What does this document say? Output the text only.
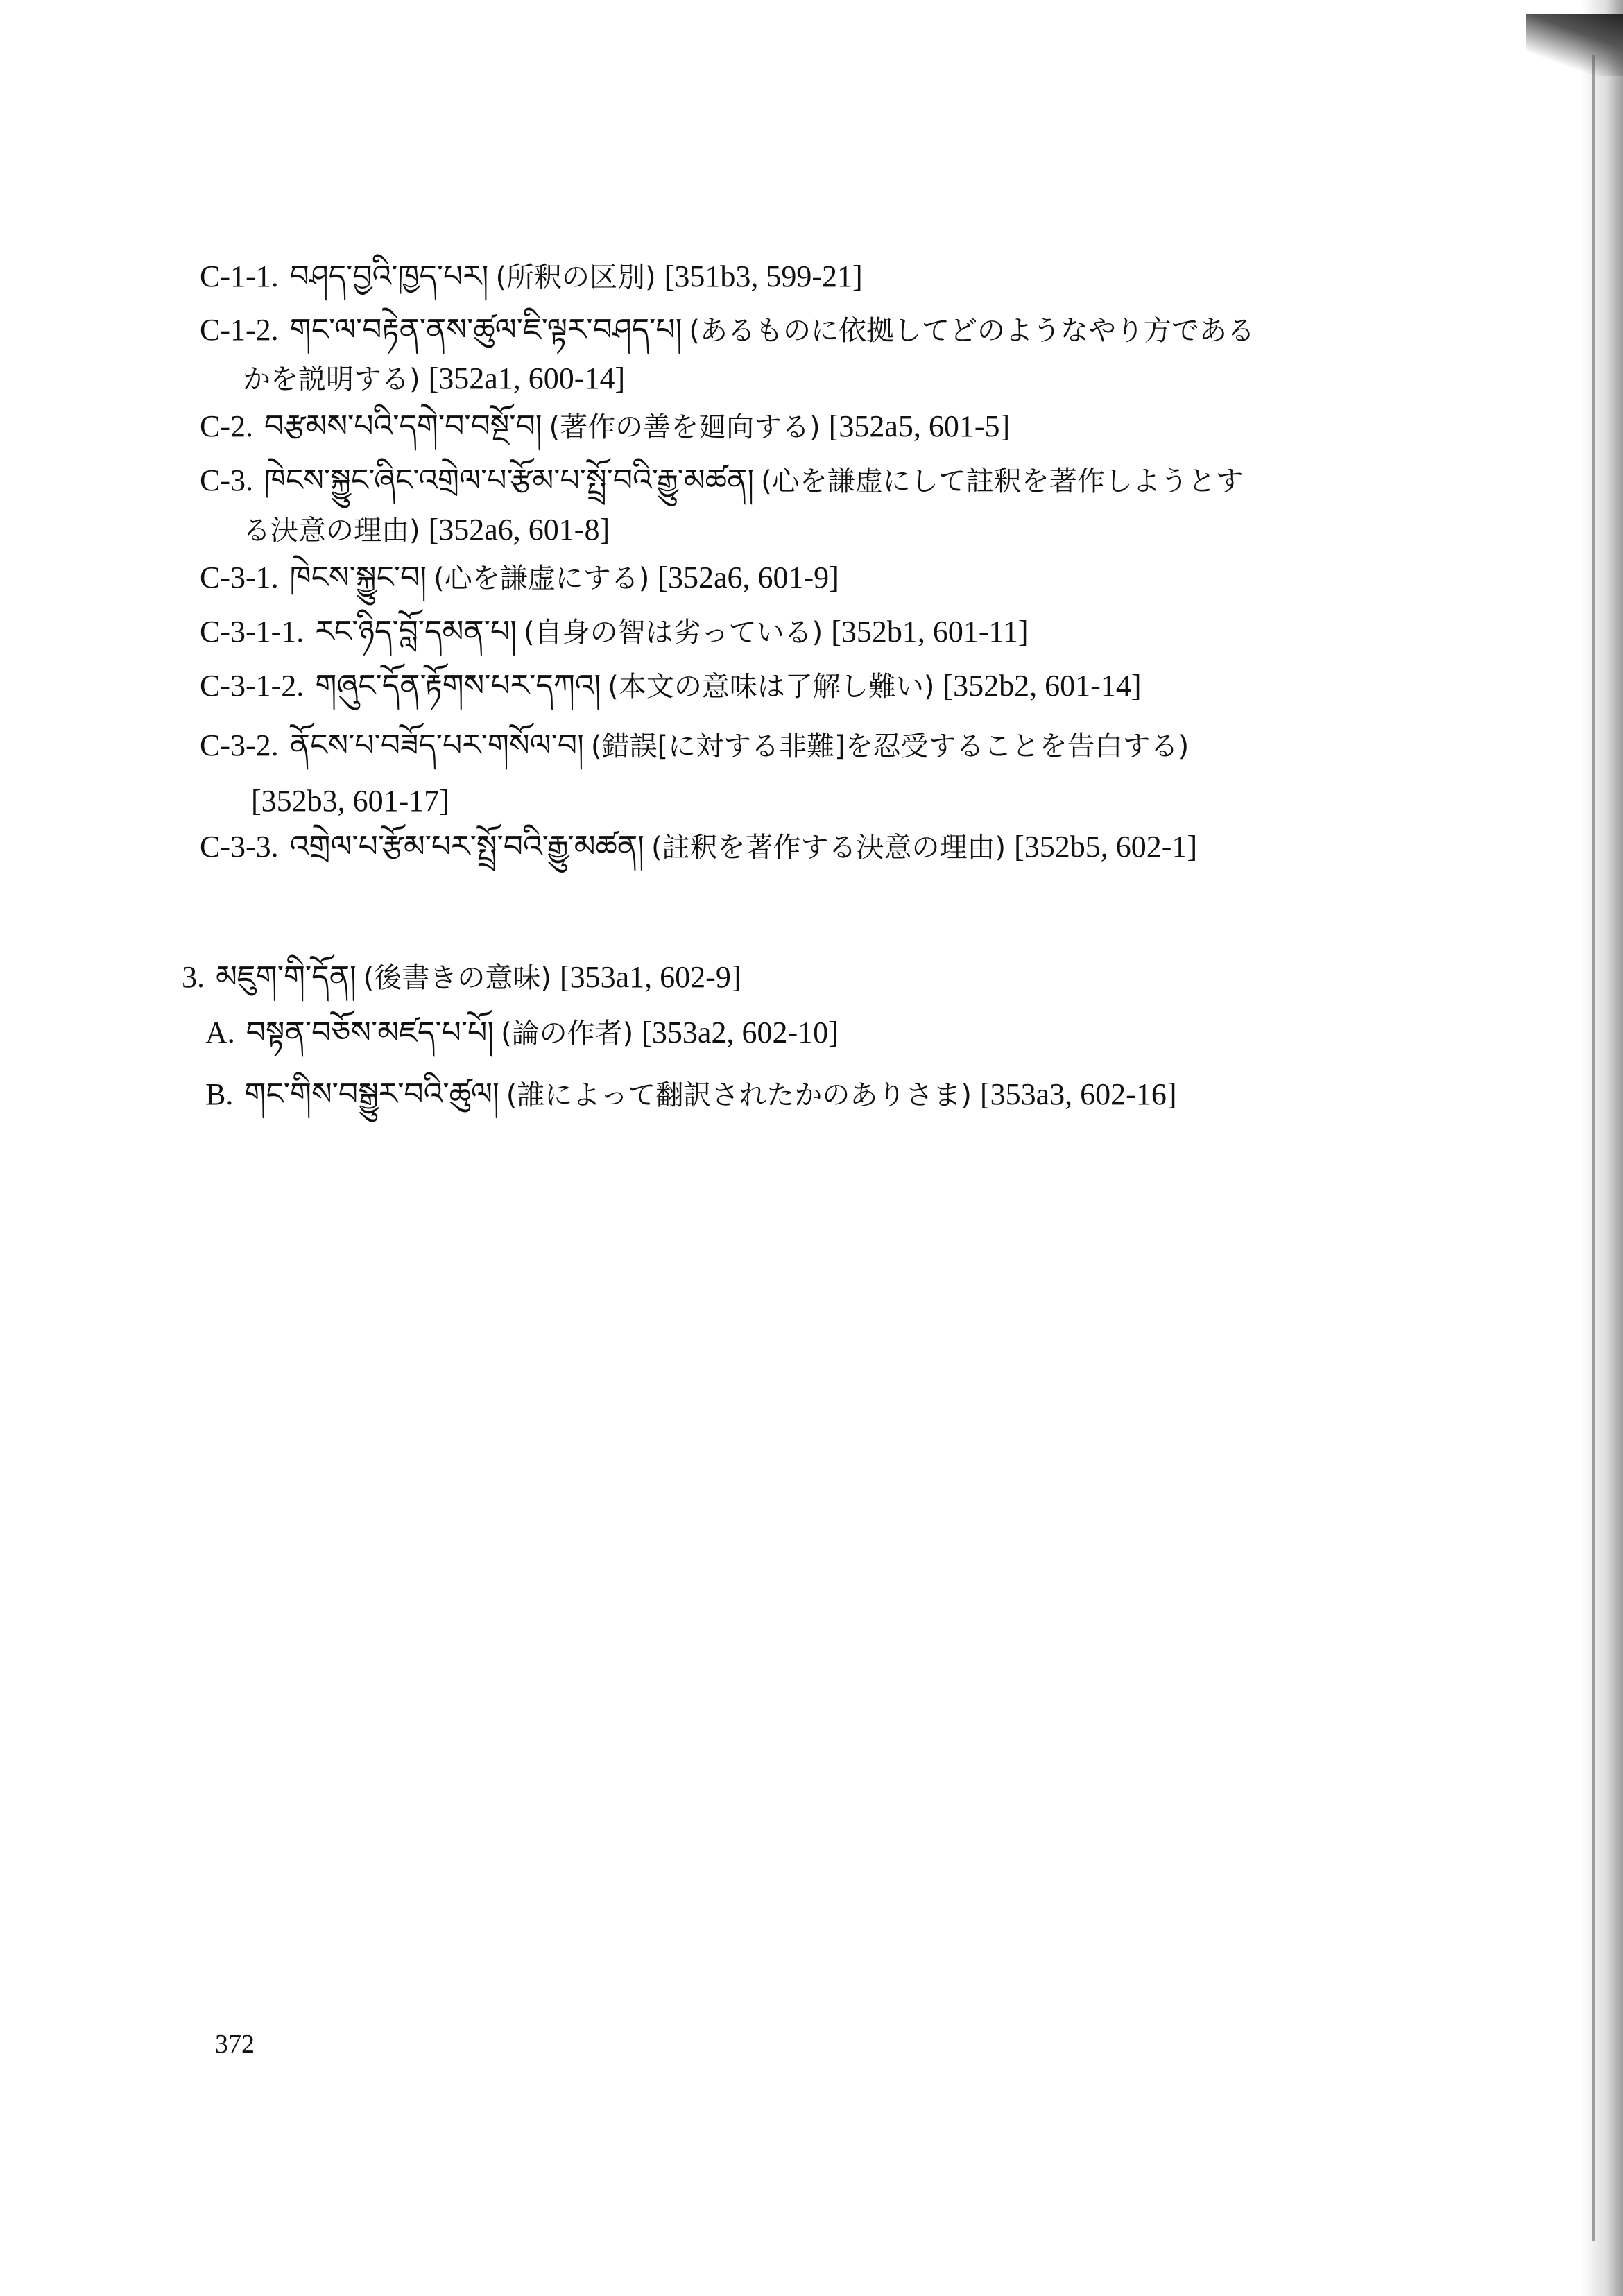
C-1-1. བཤད་བྱའི་ཁྱད་པར། (所釈の区別) [351b3, 599-21]
C-1-2. གང་ལ་བརྟེན་ནས་ཚུལ་ཇི་ལྟར་བཤད་པ། (あるものに依拠してどのようなやり方である
かを説明する) [352a1, 600-14]
C-2. བརྩམས་པའི་དགེ་བ་བསྔོ་བ། (著作の善を廻向する) [352a5, 601-5]
C-3. ཁེངས་སྐྱུང་ཞིང་འགྲེལ་པ་རྩོམ་པ་སྤྲོ་བའི་རྒྱུ་མཚན། (心を謙虚にして註釈を著作しようとす
る決意の理由) [352a6, 601-8]
C-3-1. ཁེངས་སྐྱུང་བ། (心を謙虚にする) [352a6, 601-9]
C-3-1-1. རང་ཉིད་བློ་དམན་པ། (自身の智は劣っている) [352b1, 601-11]
C-3-1-2. གཞུང་དོན་རྟོགས་པར་དཀའ། (本文の意味は了解し難い) [352b2, 601-14]
C-3-2. ནོངས་པ་བཟོད་པར་གསོལ་བ། (錯誤[に対する非難]を忍受することを告白する)
[352b3, 601-17]
C-3-3. འགྲེལ་པ་རྩོམ་པར་སྤྲོ་བའི་རྒྱུ་མཚན། (註釈を著作する決意の理由) [352b5, 602-1]
3. མཇུག་གི་དོན། (後書きの意味) [353a1, 602-9]
A. བསྟན་བཅོས་མཛད་པ་པོ། (論の作者) [353a2, 602-10]
B. གང་གིས་བསྒྱུར་བའི་ཚུལ། (誰によって翻訳されたかのありさま) [353a3, 602-16]
372
